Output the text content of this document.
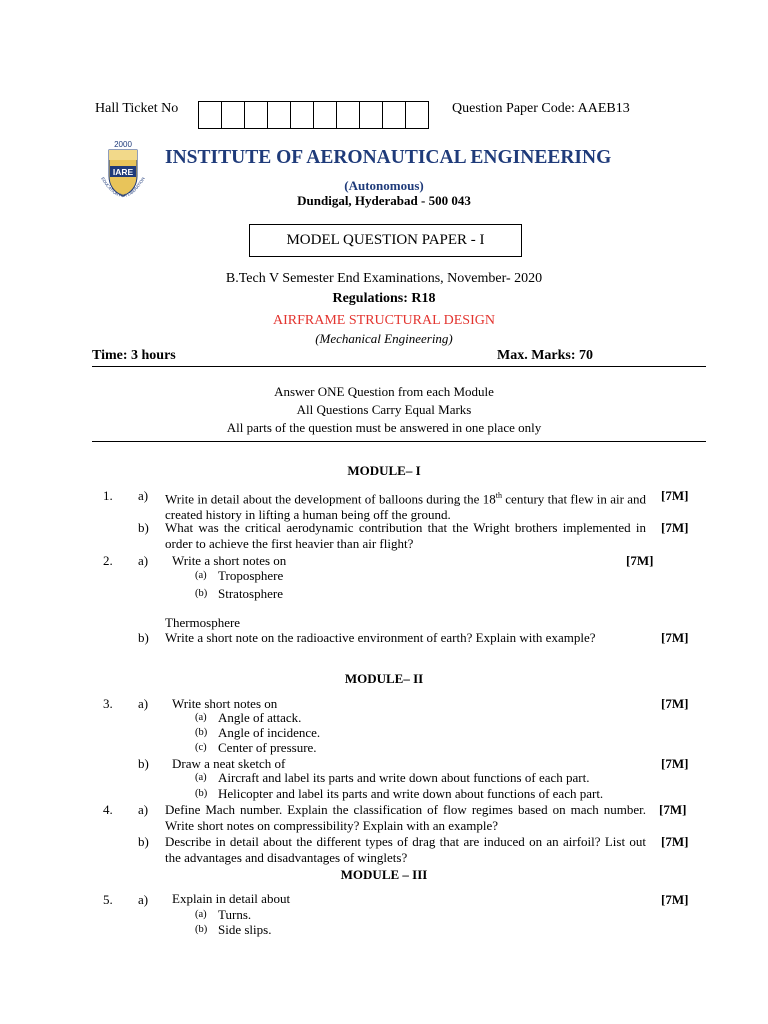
Hall Ticket No	Question Paper Code: AAEB13
2000
IARE
EDUCATION FOR LIBERATION
INSTITUTE OF AERONAUTICAL ENGINEERING
(Autonomous)
Dundigal, Hyderabad - 500 043
MODEL QUESTION PAPER - I
B.Tech V Semester End Examinations, November- 2020
Regulations: R18
AIRFRAME STRUCTURAL DESIGN
(Mechanical Engineering)
Time: 3 hours	Max. Marks: 70
Answer ONE Question from each Module
All Questions Carry Equal Marks
All parts of the question must be answered in one place only
MODULE– I
1. a) Write in detail about the development of balloons during the 18th century that flew in air and created history in lifting a human being off the ground.
[7M]
b) What was the critical aerodynamic contribution that the Wright brothers implemented in order to achieve the first heavier than air flight?
[7M]
2. a) Write a short notes on	[7M]
(a) Troposphere
(b) Stratosphere
Thermosphere
b) Write a short note on the radioactive environment of earth? Explain with example?	[7M]
MODULE– II
3. a) Write short notes on	[7M]
(a) Angle of attack.
(b) Angle of incidence.
(c) Center of pressure.
b) Draw a neat sketch of	[7M]
(a) Aircraft and label its parts and write down about functions of each part.
(b) Helicopter and label its parts and write down about functions of each part.
4. a) Define Mach number. Explain the classification of flow regimes based on mach number. Write short notes on compressibility? Explain with an example?
[7M]
b) Describe in detail about the different types of drag that are induced on an airfoil? List out the advantages and disadvantages of winglets?
[7M]
MODULE – III
5. a) Explain in detail about	[7M]
(a) Turns.
(b) Side slips.
